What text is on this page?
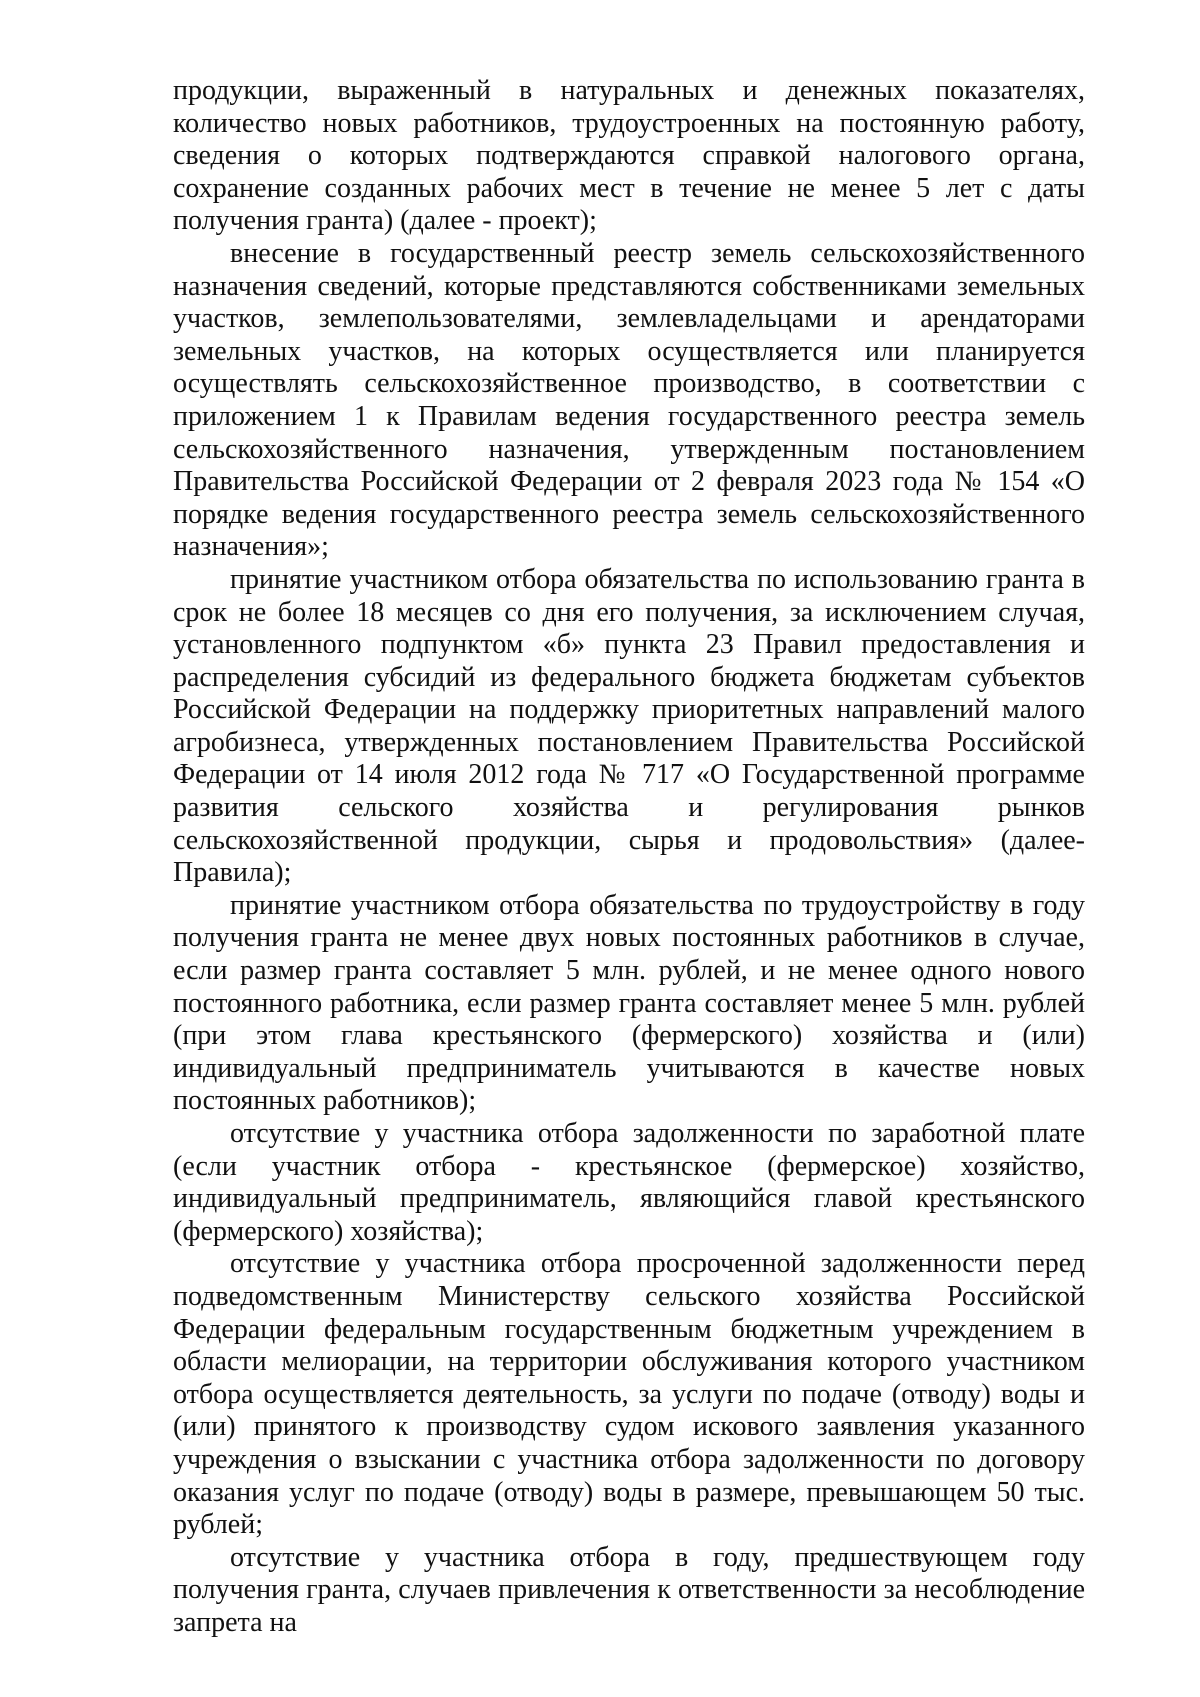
продукции, выраженный в натуральных и денежных показателях, количество новых работников, трудоустроенных на постоянную работу, сведения о которых подтверждаются справкой налогового органа, сохранение созданных рабочих мест в течение не менее 5 лет с даты получения гранта) (далее - проект);

внесение в государственный реестр земель сельскохозяйственного назначения сведений, которые представляются собственниками земельных участков, землепользователями, землевладельцами и арендаторами земельных участков, на которых осуществляется или планируется осуществлять сельскохозяйственное производство, в соответствии с приложением 1 к Правилам ведения государственного реестра земель сельскохозяйственного назначения, утвержденным постановлением Правительства Российской Федерации от 2 февраля 2023 года № 154 «О порядке ведения государственного реестра земель сельскохозяйственного назначения»;

принятие участником отбора обязательства по использованию гранта в срок не более 18 месяцев со дня его получения, за исключением случая, установленного подпунктом «б» пункта 23 Правил предоставления и распределения субсидий из федерального бюджета бюджетам субъектов Российской Федерации на поддержку приоритетных направлений малого агробизнеса, утвержденных постановлением Правительства Российской Федерации от 14 июля 2012 года № 717 «О Государственной программе развития сельского хозяйства и регулирования рынков сельскохозяйственной продукции, сырья и продовольствия» (далее-Правила);

принятие участником отбора обязательства по трудоустройству в году получения гранта не менее двух новых постоянных работников в случае, если размер гранта составляет 5 млн. рублей, и не менее одного нового постоянного работника, если размер гранта составляет менее 5 млн. рублей (при этом глава крестьянского (фермерского) хозяйства и (или) индивидуальный предприниматель учитываются в качестве новых постоянных работников);

отсутствие у участника отбора задолженности по заработной плате (если участник отбора - крестьянское (фермерское) хозяйство, индивидуальный предприниматель, являющийся главой крестьянского (фермерского) хозяйства);

отсутствие у участника отбора просроченной задолженности перед подведомственным Министерству сельского хозяйства Российской Федерации федеральным государственным бюджетным учреждением в области мелиорации, на территории обслуживания которого участником отбора осуществляется деятельность, за услуги по подаче (отводу) воды и (или) принятого к производству судом искового заявления указанного учреждения о взыскании с участника отбора задолженности по договору оказания услуг по подаче (отводу) воды в размере, превышающем 50 тыс. рублей;

отсутствие у участника отбора в году, предшествующем году получения гранта, случаев привлечения к ответственности за несоблюдение запрета на
